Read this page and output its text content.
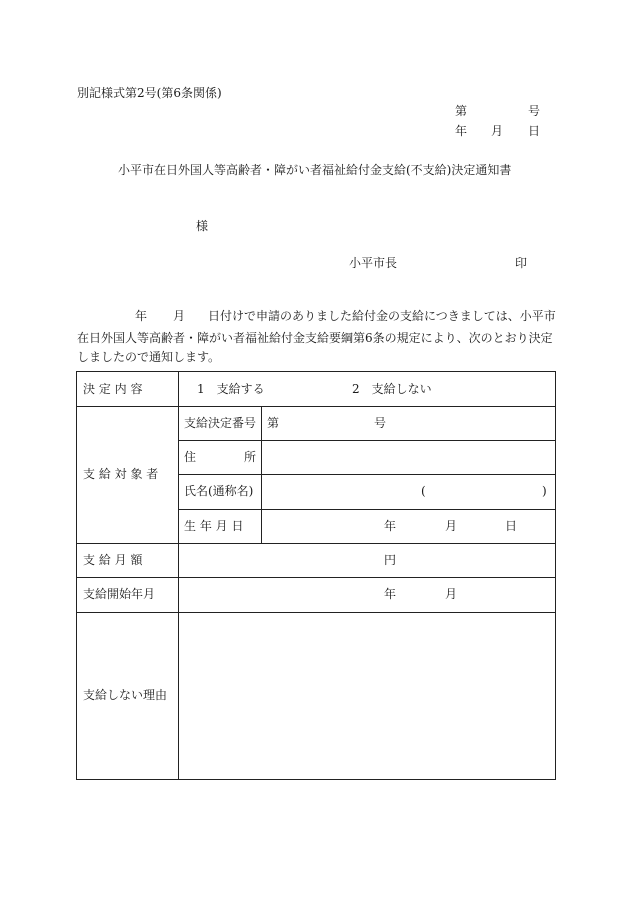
別記様式第2号(第6条関係)
第	号
年 月 日
小平市在日外国人等高齢者・障がい者福祉給付金支給(不支給)決定通知書
様
小平市長	印
年 月 日付けで申請のありました給付金の支給につきましては、小平市
在日外国人等高齢者・障がい者福祉給付金支給要綱第6条の規定により、次のとおり決定
しましたので通知します。
決 定 内 容	1　支給する	2　支給しない
支 給 対 象 者
支給決定番号 第	号
住　　所
氏名(通称名)	(	)
生 年 月 日	年	月	日
支 給 月 額	円
支給開始年月	年	月
支給しない理由
